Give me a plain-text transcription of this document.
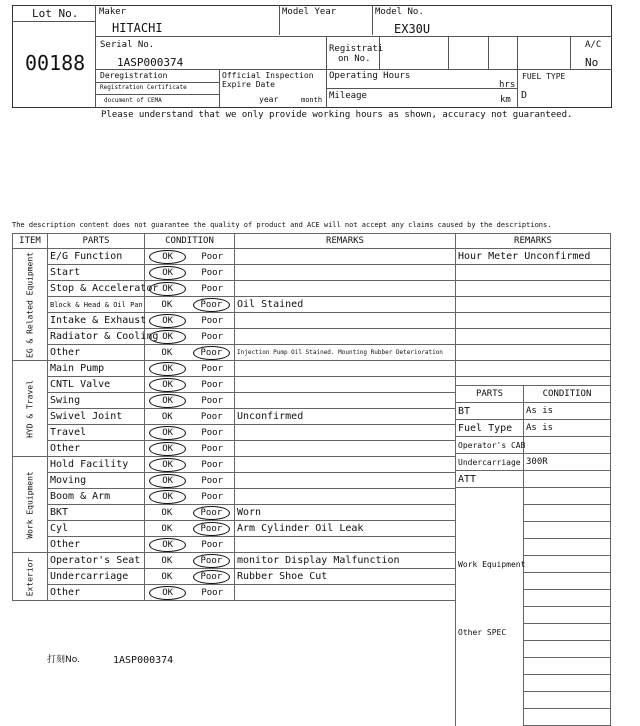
Lot No.
00188
Maker
HITACHI
Model Year	Model No.
EX30U
Serial No.
1ASP000374
Registrati
on No.
A/C
No
Deregistration
Registration Certificate
document of CEMA
Official Inspection
Expire Date
year	month
Operating Hours
hrs
Mileage	km
FUEL TYPE
D
Please understand that we only provide working hours as shown, accuracy not guaranteed.
The description content does not guarantee the quality of product and ACE will not accept any claims caused by the descriptions.
ITEM	PARTS	CONDITION	REMARKS	REMARKS

EG & Related Equipment	E/G Function	OK Poor		Hour Meter Unconfirmed
	Start	OK Poor		

	Stop & Accelerator	OK Poor		

	Block & Head & Oil Pan	OK Poor	Oil Stained	
	Intake & Exhaust	OK Poor		

	Radiator & Cooling	OK Poor		

	Other	OK Poor	Injection Pump Oil Stained. Mounting Rubber Deterioration	

HYD & Travel	Main Pump	OK Poor		

	CNTL Valve	OK Poor		

	Swing	OK Poor		

	Swivel Joint	OK Poor	Unconfirmed	
	Travel	OK Poor		

	Other	OK Poor		

Work Equipment	Hold Facility	OK Poor		

	Moving	OK Poor		

	Boom & Arm	OK Poor		

	BKT	OK Poor	Worn	
	Cyl	OK Poor	Arm Cylinder Oil Leak	
	Other	OK Poor		

Exterior	Operator's Seat	OK Poor	monitor Display Malfunction	
	Undercarriage	OK Poor	Rubber Shoe Cut	
	Other	OK Poor		

PARTS	CONDITION
BT	As is
Fuel Type	As is
Operator's CAB	
Undercarriage	300R
ATT	

Work Equipment	

Other SPEC	

打刻No.	1ASP000374
